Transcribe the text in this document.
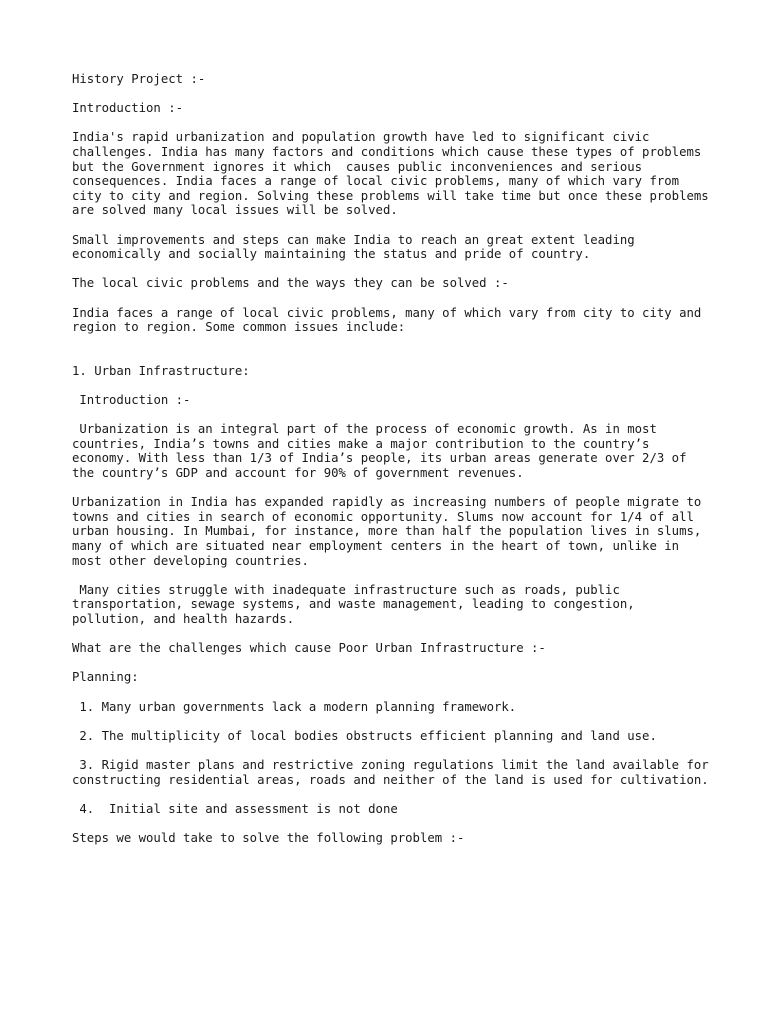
History Project :-

Introduction :-

India's rapid urbanization and population growth have led to significant civic challenges. India has many factors and conditions which cause these types of problems but the Government ignores it which  causes public inconveniences and serious consequences. India faces a range of local civic problems, many of which vary from city to city and region. Solving these problems will take time but once these problems are solved many local issues will be solved.

Small improvements and steps can make India to reach an great extent leading economically and socially maintaining the status and pride of country.

The local civic problems and the ways they can be solved :-

India faces a range of local civic problems, many of which vary from city to city and region to region. Some common issues include:

1. Urban Infrastructure:

Introduction :-

Urbanization is an integral part of the process of economic growth. As in most countries, India’s towns and cities make a major contribution to the country’s economy. With less than 1/3 of India’s people, its urban areas generate over 2/3 of the country’s GDP and account for 90% of government revenues.

Urbanization in India has expanded rapidly as increasing numbers of people migrate to towns and cities in search of economic opportunity. Slums now account for 1/4 of all urban housing. In Mumbai, for instance, more than half the population lives in slums, many of which are situated near employment centers in the heart of town, unlike in most other developing countries.

Many cities struggle with inadequate infrastructure such as roads, public transportation, sewage systems, and waste management, leading to congestion, pollution, and health hazards.

What are the challenges which cause Poor Urban Infrastructure :-

Planning:

1. Many urban governments lack a modern planning framework.

2. The multiplicity of local bodies obstructs efficient planning and land use.

3. Rigid master plans and restrictive zoning regulations limit the land available for constructing residential areas, roads and neither of the land is used for cultivation.

4.  Initial site and assessment is not done

Steps we would take to solve the following problem :-
